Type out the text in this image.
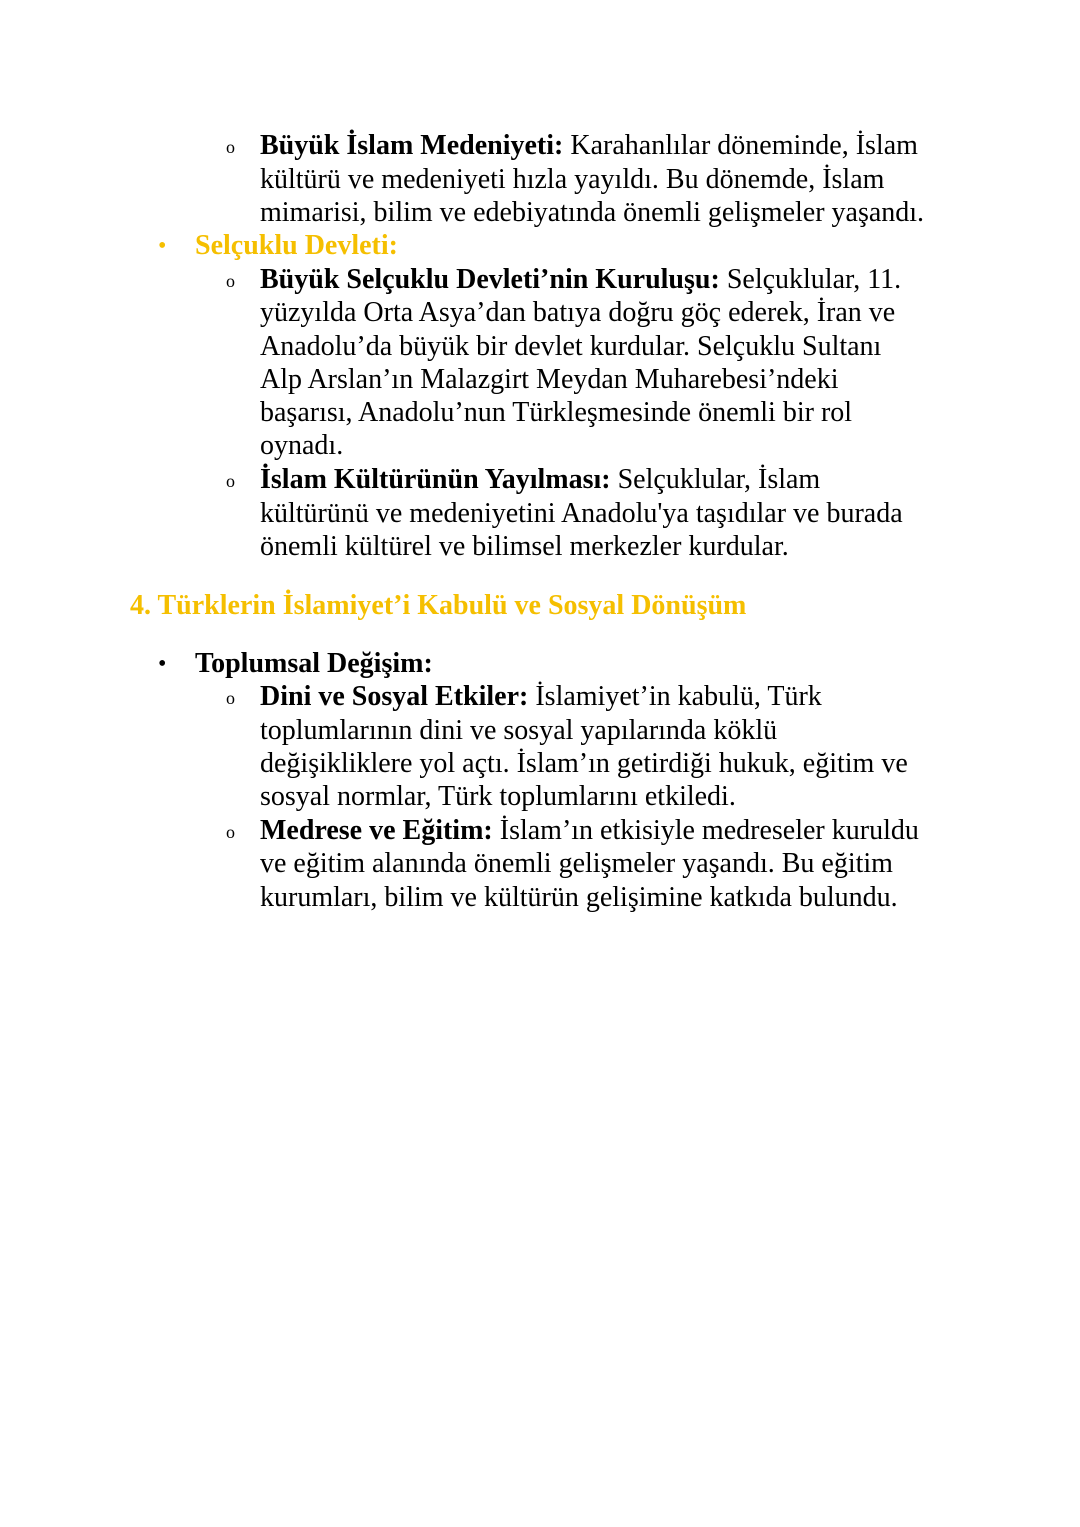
o Büyük İslam Medeniyeti: Karahanlılar döneminde, İslam
kültürü ve medeniyeti hızla yayıldı. Bu dönemde, İslam
mimarisi, bilim ve edebiyatında önemli gelişmeler yaşandı.
• Selçuklu Devleti:
o Büyük Selçuklu Devleti’nin Kuruluşu: Selçuklular, 11.
yüzyılda Orta Asya’dan batıya doğru göç ederek, İran ve
Anadolu’da büyük bir devlet kurdular. Selçuklu Sultanı
Alp Arslan’ın Malazgirt Meydan Muharebesi’ndeki
başarısı, Anadolu’nun Türkleşmesinde önemli bir rol
oynadı.
o İslam Kültürünün Yayılması: Selçuklular, İslam
kültürünü ve medeniyetini Anadolu'ya taşıdılar ve burada
önemli kültürel ve bilimsel merkezler kurdular.
4. Türklerin İslamiyet’i Kabulü ve Sosyal Dönüşüm
• Toplumsal Değişim:
o Dini ve Sosyal Etkiler: İslamiyet’in kabulü, Türk
toplumlarının dini ve sosyal yapılarında köklü
değişikliklere yol açtı. İslam’ın getirdiği hukuk, eğitim ve
sosyal normlar, Türk toplumlarını etkiledi.
o Medrese ve Eğitim: İslam’ın etkisiyle medreseler kuruldu
ve eğitim alanında önemli gelişmeler yaşandı. Bu eğitim
kurumları, bilim ve kültürün gelişimine katkıda bulundu.
